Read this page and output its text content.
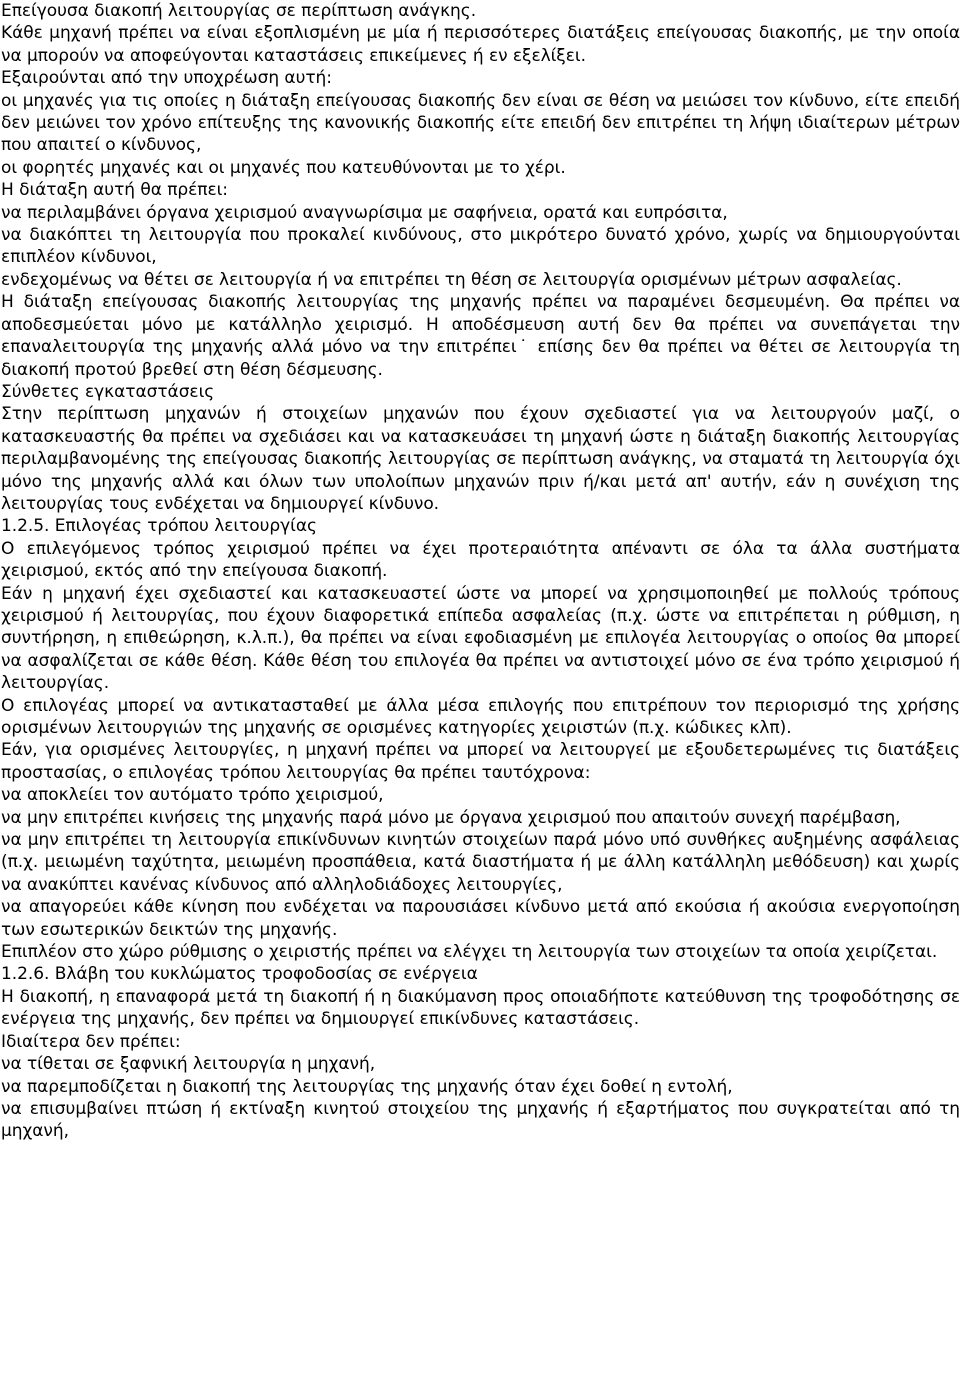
Επείγουσα διακοπή λειτουργίας σε περίπτωση ανάγκης.

Κάθε μηχανή πρέπει να είναι εξοπλισμένη με μία ή περισσότερες διατάξεις επείγουσας διακοπής, με την οποία να μπορούν να αποφεύγονται καταστάσεις επικείμενες ή εν εξελίξει.

Εξαιρούνται από την υποχρέωση αυτή:

οι μηχανές για τις οποίες η διάταξη επείγουσας διακοπής δεν είναι σε θέση να μειώσει τον κίνδυνο, είτε επειδή δεν μειώνει τον χρόνο επίτευξης της κανονικής διακοπής είτε επειδή δεν επιτρέπει τη λήψη ιδιαίτερων μέτρων που απαιτεί ο κίνδυνος,

οι φορητές μηχανές και οι μηχανές που κατευθύνονται με το χέρι.

Η διάταξη αυτή θα πρέπει:

να περιλαμβάνει όργανα χειρισμού αναγνωρίσιμα με σαφήνεια, ορατά και ευπρόσιτα,

να διακόπτει τη λειτουργία που προκαλεί κινδύνους, στο μικρότερο δυνατό χρόνο, χωρίς να δημιουργούνται επιπλέον κίνδυνοι,

ενδεχομένως να θέτει σε λειτουργία ή να επιτρέπει τη θέση σε λειτουργία ορισμένων μέτρων ασφαλείας.

Η διάταξη επείγουσας διακοπής λειτουργίας της μηχανής πρέπει να παραμένει δεσμευμένη. Θα πρέπει να αποδεσμεύεται μόνο με κατάλληλο χειρισμό. Η αποδέσμευση αυτή δεν θα πρέπει να συνεπάγεται την επαναλειτουργία της μηχανής αλλά μόνο να την επιτρέπει˙ επίσης δεν θα πρέπει να θέτει σε λειτουργία τη διακοπή προτού βρεθεί στη θέση δέσμευσης.

Σύνθετες εγκαταστάσεις

Στην περίπτωση μηχανών ή στοιχείων μηχανών που έχουν σχεδιαστεί για να λειτουργούν μαζί, ο κατασκευαστής θα πρέπει να σχεδιάσει και να κατασκευάσει τη μηχανή ώστε η διάταξη διακοπής λειτουργίας περιλαμβανομένης της επείγουσας διακοπής λειτουργίας σε περίπτωση ανάγκης, να σταματά τη λειτουργία όχι μόνο της μηχανής αλλά και όλων των υπολοίπων μηχανών πριν ή/και μετά απ' αυτήν, εάν η συνέχιση της λειτουργίας τους ενδέχεται να δημιουργεί κίνδυνο.

1.2.5. Επιλογέας τρόπου λειτουργίας

Ο επιλεγόμενος τρόπος χειρισμού πρέπει να έχει προτεραιότητα απέναντι σε όλα τα άλλα συστήματα χειρισμού, εκτός από την επείγουσα διακοπή.

Εάν η μηχανή έχει σχεδιαστεί και κατασκευαστεί ώστε να μπορεί να χρησιμοποιηθεί με πολλούς τρόπους χειρισμού ή λειτουργίας, που έχουν διαφορετικά επίπεδα ασφαλείας (π.χ. ώστε να επιτρέπεται η ρύθμιση, η συντήρηση, η επιθεώρηση, κ.λ.π.), θα πρέπει να είναι εφοδιασμένη με επιλογέα λειτουργίας ο οποίος θα μπορεί να ασφαλίζεται σε κάθε θέση. Κάθε θέση του επιλογέα θα πρέπει να αντιστοιχεί μόνο σε ένα τρόπο χειρισμού ή λειτουργίας.

Ο επιλογέας μπορεί να αντικατασταθεί με άλλα μέσα επιλογής που επιτρέπουν τον περιορισμό της χρήσης ορισμένων λειτουργιών της μηχανής σε ορισμένες κατηγορίες χειριστών (π.χ. κώδικες κλπ).

Εάν, για ορισμένες λειτουργίες, η μηχανή πρέπει να μπορεί να λειτουργεί με εξουδετερωμένες τις διατάξεις προστασίας, ο επιλογέας τρόπου λειτουργίας θα πρέπει ταυτόχρονα:

να αποκλείει τον αυτόματο τρόπο χειρισμού,

να μην επιτρέπει κινήσεις της μηχανής παρά μόνο με όργανα χειρισμού που απαιτούν συνεχή παρέμβαση,

να μην επιτρέπει τη λειτουργία επικίνδυνων κινητών στοιχείων παρά μόνο υπό συνθήκες αυξημένης ασφάλειας (π.χ. μειωμένη ταχύτητα, μειωμένη προσπάθεια, κατά διαστήματα ή με άλλη κατάλληλη μεθόδευση) και χωρίς να ανακύπτει κανένας κίνδυνος από αλληλοδιάδοχες λειτουργίες,

να απαγορεύει κάθε κίνηση που ενδέχεται να παρουσιάσει κίνδυνο μετά από εκούσια ή ακούσια ενεργοποίηση των εσωτερικών δεικτών της μηχανής.

Επιπλέον στο χώρο ρύθμισης ο χειριστής πρέπει να ελέγχει τη λειτουργία των στοιχείων τα οποία χειρίζεται.

1.2.6. Βλάβη του κυκλώματος τροφοδοσίας σε ενέργεια

Η διακοπή, η επαναφορά μετά τη διακοπή ή η διακύμανση προς οποιαδήποτε κατεύθυνση της τροφοδότησης σε ενέργεια της μηχανής, δεν πρέπει να δημιουργεί επικίνδυνες καταστάσεις.

Ιδιαίτερα δεν πρέπει:

να τίθεται σε ξαφνική λειτουργία η μηχανή,

να παρεμποδίζεται η διακοπή της λειτουργίας της μηχανής όταν έχει δοθεί η εντολή,

να επισυμβαίνει πτώση ή εκτίναξη κινητού στοιχείου της μηχανής ή εξαρτήματος που συγκρατείται από τη μηχανή,
